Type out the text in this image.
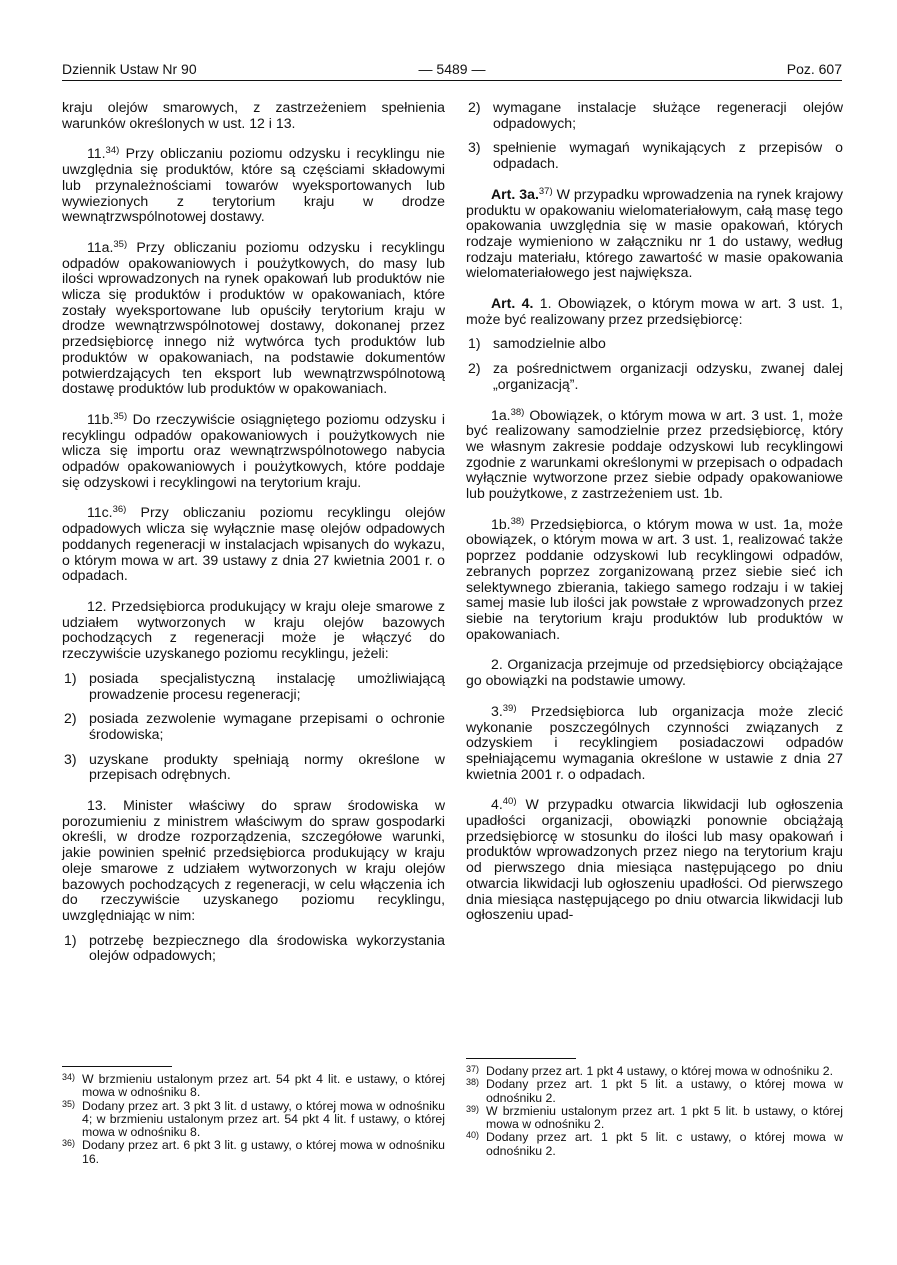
Dziennik Ustaw Nr 90	— 5489 —	Poz. 607

kraju olejów smarowych, z zastrzeżeniem spełnienia warunków określonych w ust. 12 i 13.

11.$^{34)}$ Przy obliczaniu poziomu odzysku i recyklingu nie uwzględnia się produktów, które są częściami składowymi lub przynależnościami towarów wyeksportowanych lub wywiezionych z terytorium kraju w drodze wewnątrzwspólnotowej dostawy.

11a.$^{35)}$ Przy obliczaniu poziomu odzysku i recyklingu odpadów opakowaniowych i poużytkowych, do masy lub ilości wprowadzonych na rynek opakowań lub produktów nie wlicza się produktów i produktów w opakowaniach, które zostały wyeksportowane lub opuściły terytorium kraju w drodze wewnątrzwspólnotowej dostawy, dokonanej przez przedsiębiorcę innego niż wytwórca tych produktów lub produktów w opakowaniach, na podstawie dokumentów potwierdzających ten eksport lub wewnątrzwspólnotową dostawę produktów lub produktów w opakowaniach.

11b.$^{35)}$ Do rzeczywiście osiągniętego poziomu odzysku i recyklingu odpadów opakowaniowych i poużytkowych nie wlicza się importu oraz wewnątrzwspólnotowego nabycia odpadów opakowaniowych i poużytkowych, które poddaje się odzyskowi i recyklingowi na terytorium kraju.

11c.$^{36)}$ Przy obliczaniu poziomu recyklingu olejów odpadowych wlicza się wyłącznie masę olejów odpadowych poddanych regeneracji w instalacjach wpisanych do wykazu, o którym mowa w art. 39 ustawy z dnia 27 kwietnia 2001 r. o odpadach.

12. Przedsiębiorca produkujący w kraju oleje smarowe z udziałem wytworzonych w kraju olejów bazowych pochodzących z regeneracji może je włączyć do rzeczywiście uzyskanego poziomu recyklingu, jeżeli:

1) posiada specjalistyczną instalację umożliwiającą prowadzenie procesu regeneracji;
2) posiada zezwolenie wymagane przepisami o ochronie środowiska;
3) uzyskane produkty spełniają normy określone w przepisach odrębnych.

13. Minister właściwy do spraw środowiska w porozumieniu z ministrem właściwym do spraw gospodarki określi, w drodze rozporządzenia, szczegółowe warunki, jakie powinien spełnić przedsiębiorca produkujący w kraju oleje smarowe z udziałem wytworzonych w kraju olejów bazowych pochodzących z regeneracji, w celu włączenia ich do rzeczywiście uzyskanego poziomu recyklingu, uwzględniając w nim:

1) potrzebę bezpiecznego dla środowiska wykorzystania olejów odpadowych;
2) wymagane instalacje służące regeneracji olejów odpadowych;
3) spełnienie wymagań wynikających z przepisów o odpadach.

Art. 3a.$^{37)}$ W przypadku wprowadzenia na rynek krajowy produktu w opakowaniu wielomateriałowym, całą masę tego opakowania uwzględnia się w masie opakowań, których rodzaje wymieniono w załączniku nr 1 do ustawy, według rodzaju materiału, którego zawartość w masie opakowania wielomateriałowego jest największa.

Art. 4. 1. Obowiązek, o którym mowa w art. 3 ust. 1, może być realizowany przez przedsiębiorcę:

1) samodzielnie albo
2) za pośrednictwem organizacji odzysku, zwanej dalej „organizacją”.

1a.$^{38)}$ Obowiązek, o którym mowa w art. 3 ust. 1, może być realizowany samodzielnie przez przedsiębiorcę, który we własnym zakresie poddaje odzyskowi lub recyklingowi zgodnie z warunkami określonymi w przepisach o odpadach wyłącznie wytworzone przez siebie odpady opakowaniowe lub poużytkowe, z zastrzeżeniem ust. 1b.

1b.$^{38)}$ Przedsiębiorca, o którym mowa w ust. 1a, może obowiązek, o którym mowa w art. 3 ust. 1, realizować także poprzez poddanie odzyskowi lub recyklingowi odpadów, zebranych poprzez zorganizowaną przez siebie sieć ich selektywnego zbierania, takiego samego rodzaju i w takiej samej masie lub ilości jak powstałe z wprowadzonych przez siebie na terytorium kraju produktów lub produktów w opakowaniach.

2. Organizacja przejmuje od przedsiębiorcy obciążające go obowiązki na podstawie umowy.

3.$^{39)}$ Przedsiębiorca lub organizacja może zlecić wykonanie poszczególnych czynności związanych z odzyskiem i recyklingiem posiadaczowi odpadów spełniającemu wymagania określone w ustawie z dnia 27 kwietnia 2001 r. o odpadach.

4.$^{40)}$ W przypadku otwarcia likwidacji lub ogłoszenia upadłości organizacji, obowiązki ponownie obciążają przedsiębiorcę w stosunku do ilości lub masy opakowań i produktów wprowadzonych przez niego na terytorium kraju od pierwszego dnia miesiąca następującego po dniu otwarcia likwidacji lub ogłoszeniu upadłości. Od pierwszego dnia miesiąca następującego po dniu otwarcia likwidacji lub ogłoszeniu upad-

34) W brzmieniu ustalonym przez art. 54 pkt 4 lit. e ustawy, o której mowa w odnośniku 8.
35) Dodany przez art. 3 pkt 3 lit. d ustawy, o której mowa w odnośniku 4; w brzmieniu ustalonym przez art. 54 pkt 4 lit. f ustawy, o której mowa w odnośniku 8.
36) Dodany przez art. 6 pkt 3 lit. g ustawy, o której mowa w odnośniku 16.
37) Dodany przez art. 1 pkt 4 ustawy, o której mowa w odnośniku 2.
38) Dodany przez art. 1 pkt 5 lit. a ustawy, o której mowa w odnośniku 2.
39) W brzmieniu ustalonym przez art. 1 pkt 5 lit. b ustawy, o której mowa w odnośniku 2.
40) Dodany przez art. 1 pkt 5 lit. c ustawy, o której mowa w odnośniku 2.
